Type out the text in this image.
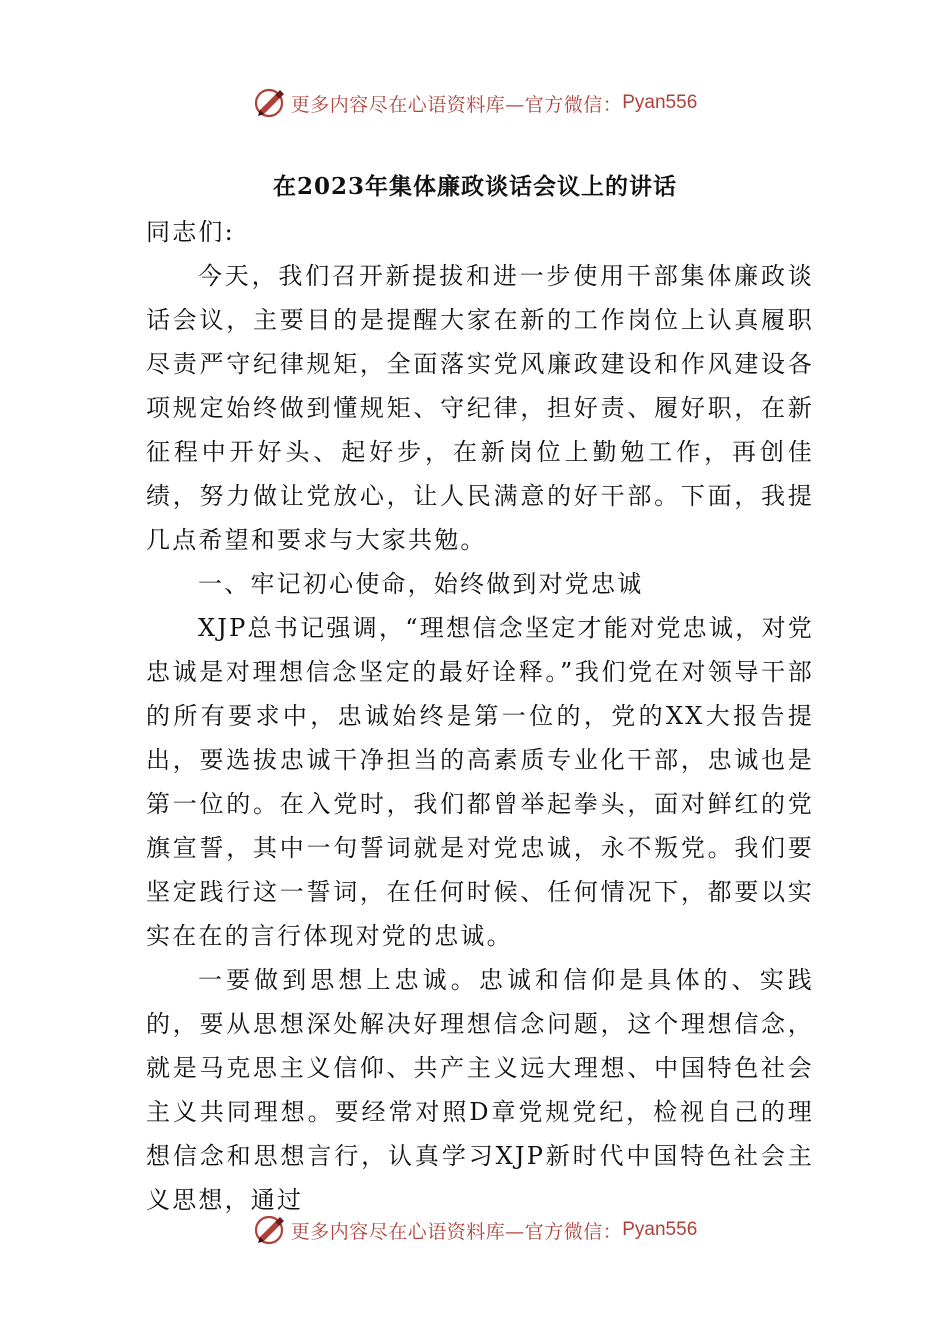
更多内容尽在心语资料库—官方微信： Pyan556
在2023年集体廉政谈话会议上的讲话

同志们:

今天，我们召开新提拔和进一步使用干部集体廉政谈话会议，主要目的是提醒大家在新的工作岗位上认真履职尽责严守纪律规矩，全面落实党风廉政建设和作风建设各项规定始终做到懂规矩、守纪律，担好责、履好职，在新征程中开好头、起好步，在新岗位上勤勉工作，再创佳绩，努力做让党放心，让人民满意的好干部。下面，我提几点希望和要求与大家共勉。

一、牢记初心使命，始终做到对党忠诚

XJP总书记强调，“理想信念坚定才能对党忠诚，对党忠诚是对理想信念坚定的最好诠释。”我们党在对领导干部的所有要求中，忠诚始终是第一位的，党的XX大报告提出，要选拔忠诚干净担当的高素质专业化干部，忠诚也是第一位的。在入党时，我们都曾举起拳头，面对鲜红的党旗宣誓，其中一句誓词就是对党忠诚，永不叛党。我们要坚定践行这一誓词，在任何时候、任何情况下，都要以实实在在的言行体现对党的忠诚。

一要做到思想上忠诚。忠诚和信仰是具体的、实践的，要从思想深处解决好理想信念问题，这个理想信念，就是马克思主义信仰、共产主义远大理想、中国特色社会主义共同理想。要经常对照D章党规党纪，检视自己的理想信念和思想言行，认真学习XJP新时代中国特色社会主义思想，通过

更多内容尽在心语资料库—官方微信： Pyan556
